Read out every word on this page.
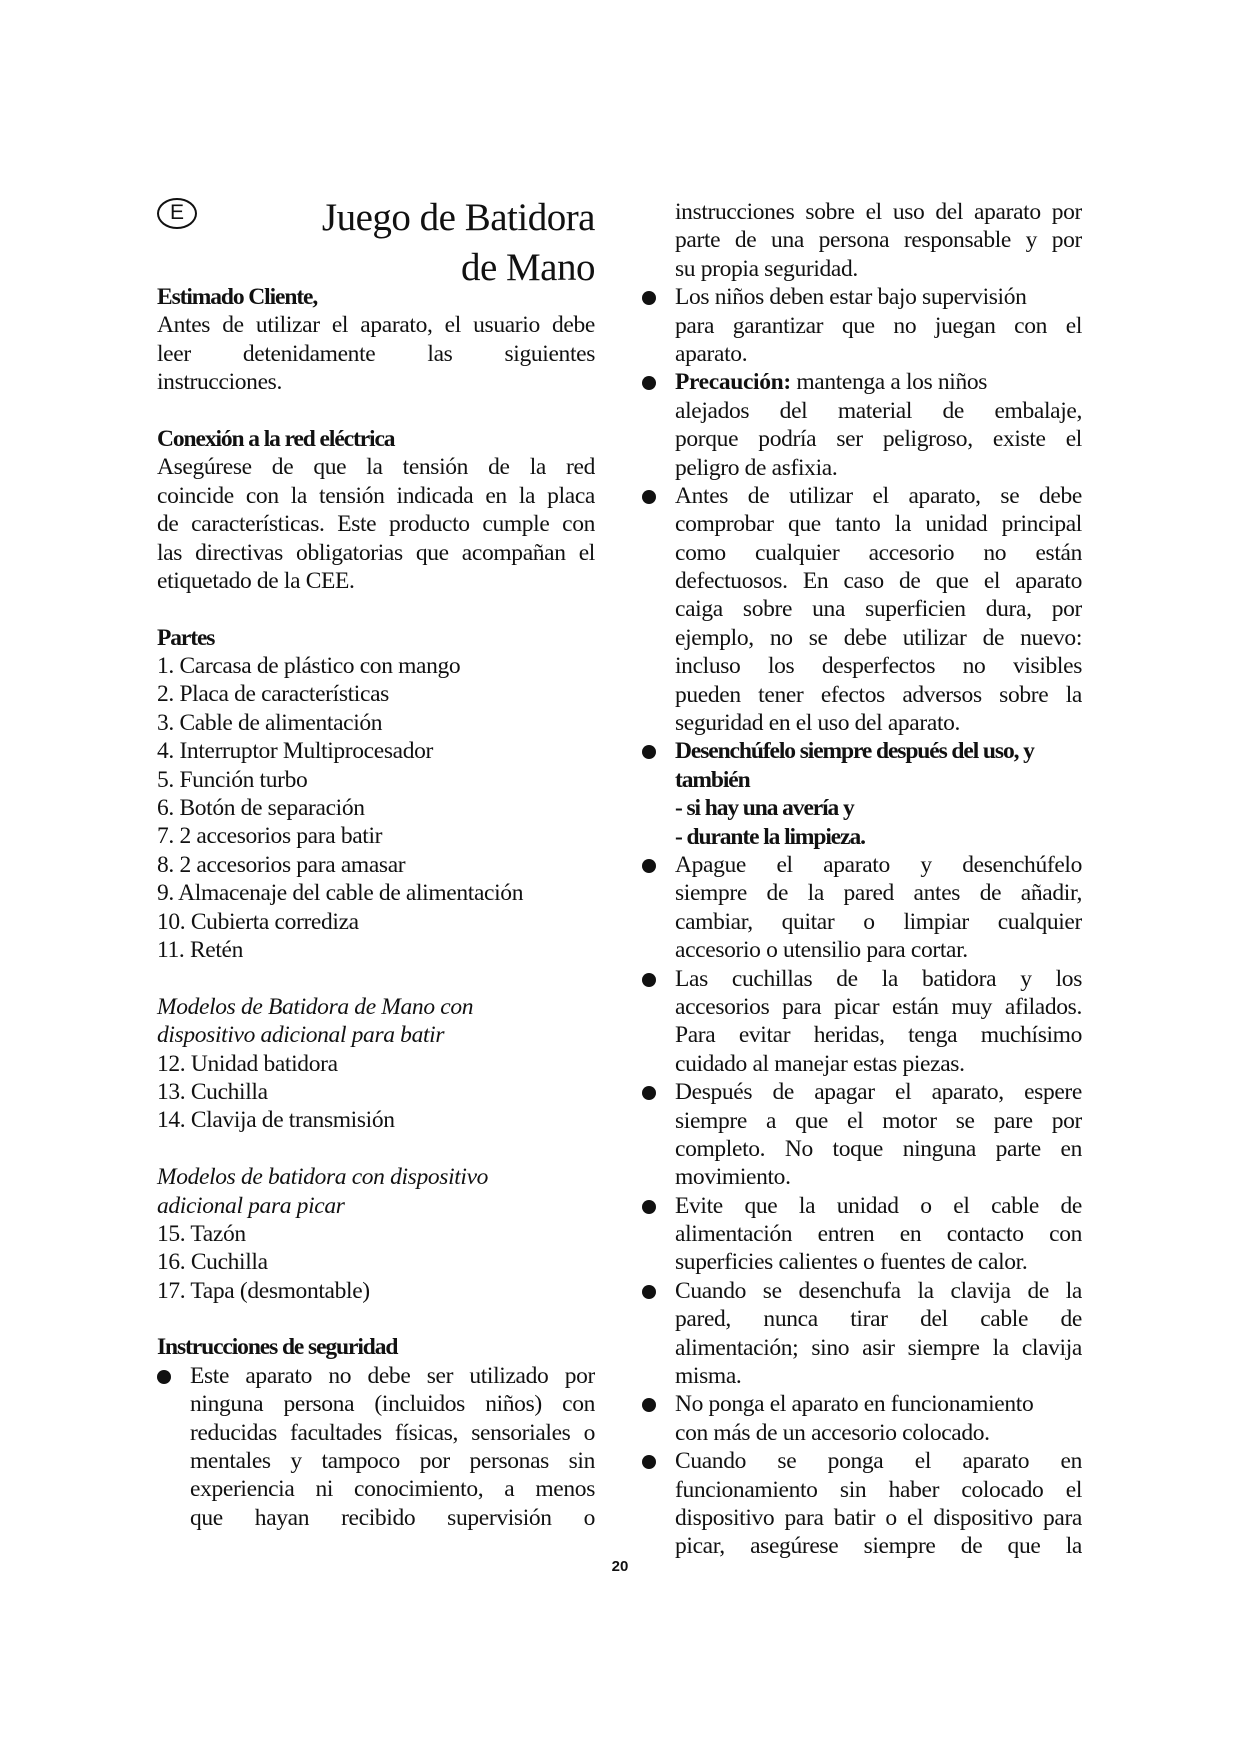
E	Juego de Batidora
de Mano
Estimado Cliente,
Antes de utilizar el aparato, el usuario debe
leer detenidamente las siguientes
instrucciones.
Conexión a la red eléctrica
Asegúrese de que la tensión de la red
coincide con la tensión indicada en la placa
de características. Este producto cumple con
las directivas obligatorias que acompañan el
etiquetado de la CEE.
Partes
1. Carcasa de plástico con mango
2. Placa de características
3. Cable de alimentación
4. Interruptor Multiprocesador
5. Función turbo
6. Botón de separación
7. 2 accesorios para batir
8. 2 accesorios para amasar
9. Almacenaje del cable de alimentación
10. Cubierta corrediza
11. Retén
Modelos de Batidora de Mano con
dispositivo adicional para batir
12. Unidad batidora
13. Cuchilla
14. Clavija de transmisión
Modelos de batidora con dispositivo
adicional para picar
15. Tazón
16. Cuchilla
17. Tapa (desmontable)
Instrucciones de seguridad
Este aparato no debe ser utilizado por
ninguna persona (incluidos niños) con
reducidas facultades físicas, sensoriales o
mentales y tampoco por personas sin
experiencia ni conocimiento, a menos
que hayan recibido supervisión o
instrucciones sobre el uso del aparato por
parte de una persona responsable y por
su propia seguridad.
Los niños deben estar bajo supervisión
para garantizar que no juegan con el
aparato.
Precaución: mantenga a los niños
alejados del material de embalaje,
porque podría ser peligroso, existe el
peligro de asfixia.
Antes de utilizar el aparato, se debe
comprobar que tanto la unidad principal
como cualquier accesorio no están
defectuosos. En caso de que el aparato
caiga sobre una superficien dura, por
ejemplo, no se debe utilizar de nuevo:
incluso los desperfectos no visibles
pueden tener efectos adversos sobre la
seguridad en el uso del aparato.
Desenchúfelo siempre después del uso, y
también
- si hay una avería y
- durante la limpieza.
Apague el aparato y desenchúfelo
siempre de la pared antes de añadir,
cambiar, quitar o limpiar cualquier
accesorio o utensilio para cortar.
Las cuchillas de la batidora y los
accesorios para picar están muy afilados.
Para evitar heridas, tenga muchísimo
cuidado al manejar estas piezas.
Después de apagar el aparato, espere
siempre a que el motor se pare por
completo. No toque ninguna parte en
movimiento.
Evite que la unidad o el cable de
alimentación entren en contacto con
superficies calientes o fuentes de calor.
Cuando se desenchufa la clavija de la
pared, nunca tirar del cable de
alimentación; sino asir siempre la clavija
misma.
No ponga el aparato en funcionamiento
con más de un accesorio colocado.
Cuando se ponga el aparato en
funcionamiento sin haber colocado el
dispositivo para batir o el dispositivo para
picar, asegúrese siempre de que la
20
